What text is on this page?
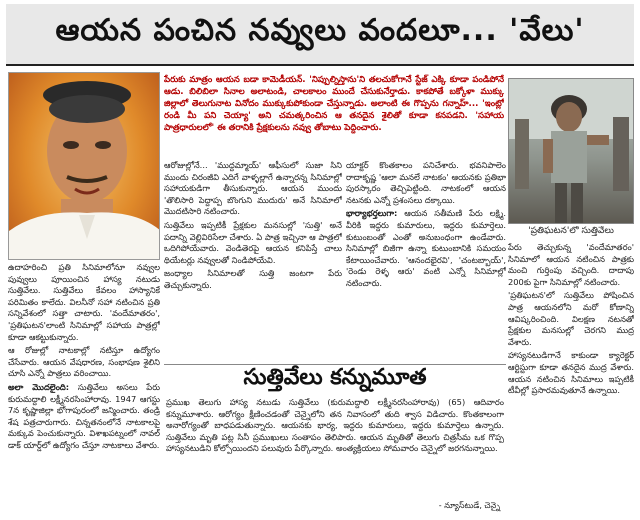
ఆయన పంచిన నవ్వులు వందలూ... 'వేలు'
పేరుకు మాత్రం ఆయన బడా కామెడీయన్. 'నిప్పుల్నిస్తాను'ని తలచుకోగానే స్టేజ్ ఎక్కి కూడా పండిపోనే ఆడు. బిలిబిలా సినాల అలాటండి, చాలకాలం ముందే చేసుకునేర్తాడు. కాకపోతే బక్కోళా ముక్కు జిల్లాలో తెలుగునాట వినోదం ముక్కుకుపోకుండా చేస్తున్నాడు. అలాంటి ఈ గొప్పను గన్నాహ్... 'ఇంట్లో రండి మీ పని చెయ్యా' అని చమత్కరించిన ఆ తనదైన శైలితో కూడా కనపడని. 'సహాయ పాత్రధారులలో' ఈ తరానికి ప్రేక్షకులను నవ్వు తోబాటు పెద్దించారు.
'ప్రతిఘటన'లో సుత్తివేలు

ఉదాహరించి ప్రతి సినిమాలోనూ నవ్వుల పువ్వులు పూయించిన హాస్య నటుడు సుత్తివేలు. సుత్తివేలు కేవలం హాస్యానికే పరిమితం కాలేదు. విలనీనో సహా నటించిన ప్రతి సన్నివేశంలో సత్తా చాటారు. 'వందేమాతరం', 'ప్రతిఘటన'లాంటి సినిమాల్లో సహాయ పాత్రల్లో కూడా ఆకట్టుకున్నారు.

ఆ రోజుల్లో నాటకాల్లో నటిస్తూ ఉద్యోగం చేసేవారు. ఆయన వేషధారణ, సంభాషణ శైలిని చూసి ఎన్నో పాత్రలు వరించాయి.

అలా మొదలైంది: సుత్తివేలు అసలు పేరు కురుమద్దాలి లక్ష్మీనరసింహారావు. 1947 ఆగస్టు 7న కృష్ణాజిల్లా భోగాపురంలో జన్మించారు. తండ్రి శేష పత్రచారుగారు. చిన్నతనంలోనే నాటకాలపై మక్కువ పెంచుకున్నారు. విశాఖపట్నంలో నావల్ డాక్ యార్డ్‌లో ఉద్యోగం చేస్తూ నాటకాలు వేశారు.

ఆరోజుల్లోనే... 'ముద్దమ్మాయ్' ఆఫీసులో సుజా సిని ముందు చిరంజీవి ఎదిగే వాళ్ళల్లాగే ఉన్నారన్న సినిమాల్లో సహాయకుడిగా తీసుకున్నారు. ఆయన ముందు 'తొలిసారి పెద్దాప్ప బొంగుని ముదురు' అనే సినిమాలో మొదటిసారి నటించారు.

సుత్తివేలు ఇప్పటికీ ప్రేక్షకుల మనసుల్లో 'సుత్తి' అనే పదాన్ని వెల్లివిరిసేలా చేశారు. ఏ పాత్ర ఇచ్చినా ఆ పాత్రలో ఒదిగిపోయేవారు. వెండితెరపై ఆయన కనిపిస్తే చాలు థియేటర్లు నవ్వులతో నిండిపోయేవి.

జంధ్యాల సినిమాలతో సుత్తి జంటగా పేరు తెచ్చుకున్నారు.

యాక్టర్ కొంతకాలం పనిచేశారు. భవనిపాలెం రాదాకృష్ణ 'ఆలా మనలే నాటకం' ఆయనకు ప్రతిభా పురస్కారం తెచ్చిపెట్టింది. నాటకంలో ఆయన నటనకు ఎన్నో ప్రశంసలు దక్కాయి.

భార్యాభర్తలుగా: ఆయన సతీమణి పేరు లక్ష్మి. వీరికి ఇద్దరు కుమారులు, ఇద్దరు కుమార్తెలు. కుటుంబంతో ఎంతో అనుబంధంగా ఉండేవారు. సినిమాల్లో బిజీగా ఉన్నా కుటుంబానికి సమయం కేటాయించేవారు. 'ఆనందభైరవి', 'చంటబ్బాయ్', 'రెండు రెళ్ళ ఆరు' వంటి ఎన్నో సినిమాల్లో నటించారు.

పేరు తెచ్చుకున్న 'వందేమాతరం' సినిమాలో ఆయన నటించిన పాత్రకు మంచి గుర్తింపు వచ్చింది. దాదాపు 200కు పైగా సినిమాల్లో నటించారు.

'ప్రతిఘటన'లో సుత్తివేలు పోషించిన పాత్ర ఆయనలోని మరో కోణాన్ని ఆవిష్కరించింది. విలక్షణ నటనతో ప్రేక్షకుల మనసుల్లో చెరగని ముద్ర వేశారు.

హాస్యనటుడిగానే కాకుండా క్యారెక్టర్ ఆర్టిస్టుగా కూడా తనదైన ముద్ర వేశారు. ఆయన నటించిన సినిమాలు ఇప్పటికీ టీవీల్లో ప్రసారమవుతూనే ఉన్నాయి.

సుత్తివేలు కన్నుమూత
ప్రముఖ తెలుగు హాస్య నటుడు సుత్తివేలు (కురుమద్దాలి లక్ష్మీనరసింహారావు) (65) ఆదివారం కన్నుమూశారు. ఆరోగ్యం క్షీణించడంతో చెన్నైలోని తన నివాసంలో తుది శ్వాస విడిచారు. కొంతకాలంగా అనారోగ్యంతో బాధపడుతున్నారు. ఆయనకు భార్య, ఇద్దరు కుమారులు, ఇద్దరు కుమార్తెలు ఉన్నారు. సుత్తివేలు మృతి పట్ల సినీ ప్రముఖులు సంతాపం తెలిపారు. ఆయన మృతితో తెలుగు చిత్రసీమ ఒక గొప్ప హాస్యనటుడిని కోల్పోయిందని పలువురు పేర్కొన్నారు. అంత్యక్రియలు సోమవారం చెన్నైలో జరగనున్నాయి.
- న్యూస్‌టుడే, చెన్నై
